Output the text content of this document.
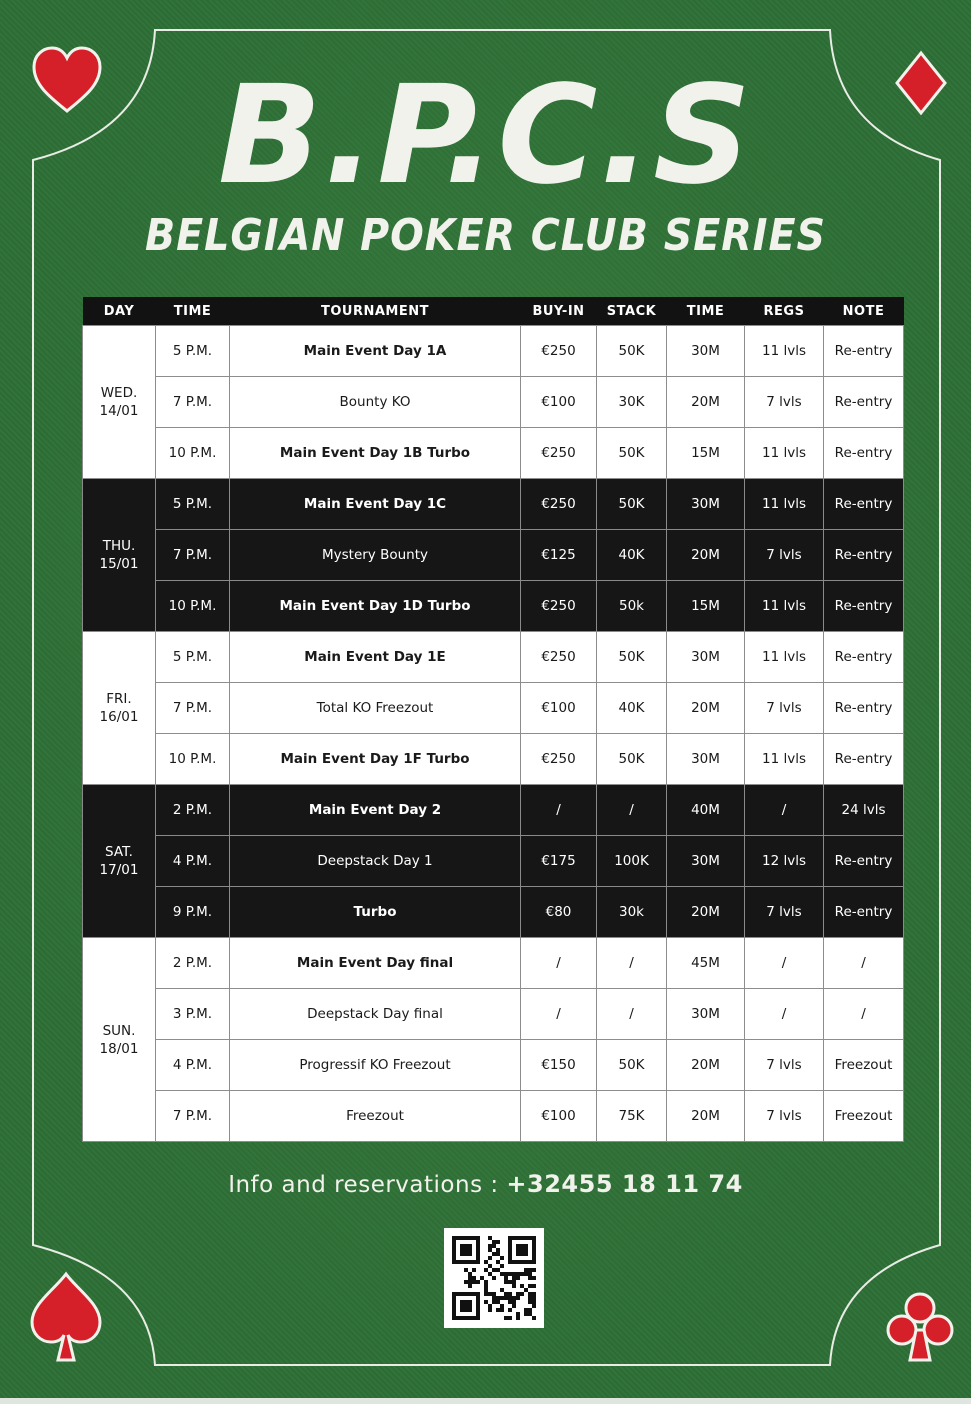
B.P.C.S
BELGIAN POKER CLUB SERIES
DAY	TIME	TOURNAMENT	BUY-IN	STACK	TIME	REGS	NOTE

WED.
14/01	5 P.M.	Main Event Day 1A	€250	50K	30M	11 lvls	Re-entry
	7 P.M.	Bounty KO	€100	30K	20M	7 lvls	Re-entry
	10 P.M.	Main Event Day 1B Turbo	€250	50K	15M	11 lvls	Re-entry

THU.
15/01	5 P.M.	Main Event Day 1C	€250	50K	30M	11 lvls	Re-entry
	7 P.M.	Mystery Bounty	€125	40K	20M	7 lvls	Re-entry
	10 P.M.	Main Event Day 1D Turbo	€250	50k	15M	11 lvls	Re-entry

FRI.
16/01	5 P.M.	Main Event Day 1E	€250	50K	30M	11 lvls	Re-entry
	7 P.M.	Total KO Freezout	€100	40K	20M	7 lvls	Re-entry
	10 P.M.	Main Event Day 1F Turbo	€250	50K	30M	11 lvls	Re-entry

SAT.
17/01	2 P.M.	Main Event Day 2	/	/	40M	/	24 lvls
	4 P.M.	Deepstack Day 1	€175	100K	30M	12 lvls	Re-entry
	9 P.M.	Turbo	€80	30k	20M	7 lvls	Re-entry

SUN.
18/01	2 P.M.	Main Event Day final	/	/	45M	/	/
	3 P.M.	Deepstack Day final	/	/	30M	/	/
	4 P.M.	Progressif KO Freezout	€150	50K	20M	7 lvls	Freezout
	7 P.M.	Freezout	€100	75K	20M	7 lvls	Freezout
Info and reservations : +32455 18 11 74
